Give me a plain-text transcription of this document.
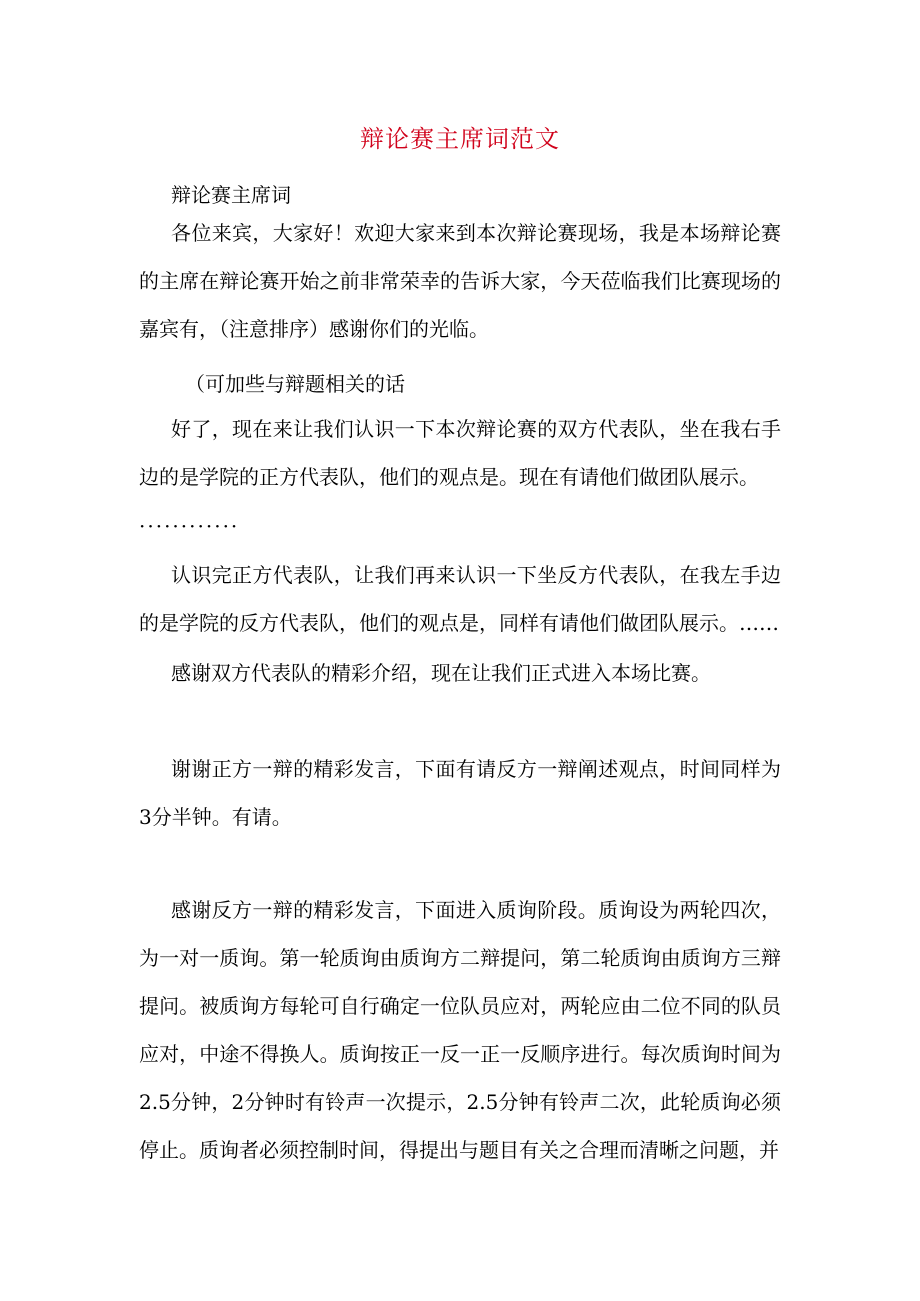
辩论赛主席词范文

辩论赛主席词

各位来宾，大家好！欢迎大家来到本次辩论赛现场，我是本场辩论赛的主席在辩论赛开始之前非常荣幸的告诉大家，今天莅临我们比赛现场的嘉宾有，（注意排序）感谢你们的光临。

（可加些与辩题相关的话

好了，现在来让我们认识一下本次辩论赛的双方代表队，坐在我右手边的是学院的正方代表队，他们的观点是。现在有请他们做团队展示。

············

认识完正方代表队，让我们再来认识一下坐反方代表队，在我左手边的是学院的反方代表队，他们的观点是，同样有请他们做团队展示。……

感谢双方代表队的精彩介绍，现在让我们正式进入本场比赛。

谢谢正方一辩的精彩发言，下面有请反方一辩阐述观点，时间同样为3分半钟。有请。

感谢反方一辩的精彩发言，下面进入质询阶段。质询设为两轮四次，为一对一质询。第一轮质询由质询方二辩提问，第二轮质询由质询方三辩提问。被质询方每轮可自行确定一位队员应对，两轮应由二位不同的队员应对，中途不得换人。质询按正一反一正一反顺序进行。每次质询时间为2.5分钟，2分钟时有铃声一次提示，2.5分钟有铃声二次，此轮质询必须停止。质询者必须控制时间，得提出与题目有关之合理而清晰之问题，并
